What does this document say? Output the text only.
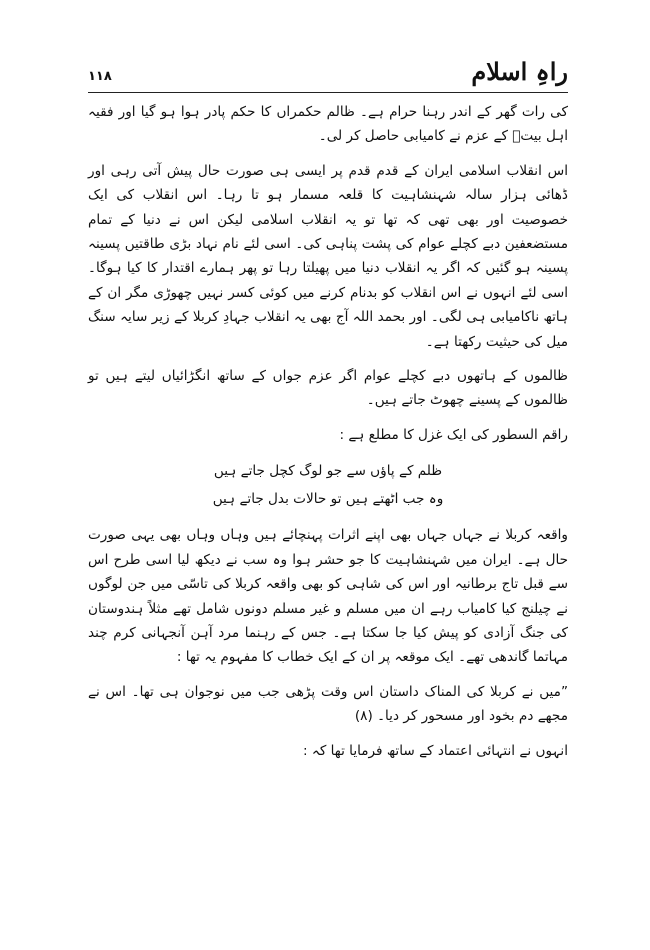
۱۱۸	راہِ اسلام

کی رات گھر کے اندر رہنا حرام ہے۔ ظالم حکمراں کا حکم پادر ہوا ہو گیا اور فقیہ اہل بیتؑ کے عزم نے کامیابی حاصل کر لی۔

اس انقلاب اسلامی ایران کے قدم قدم پر ایسی ہی صورت حال پیش آتی رہی اور ڈھائی ہزار سالہ شہنشاہیت کا قلعہ مسمار ہو تا رہا۔ اس انقلاب کی ایک خصوصیت اور بھی تھی کہ تھا تو یہ انقلاب اسلامی لیکن اس نے دنیا کے تمام مستضعفین دبے کچلے عوام کی پشت پناہی کی۔ اسی لئے نام نہاد بڑی طاقتیں پسینہ پسینہ ہو گئیں کہ اگر یہ انقلاب دنیا میں پھیلتا رہا تو پھر ہمارے اقتدار کا کیا ہوگا۔ اسی لئے انہوں نے اس انقلاب کو بدنام کرنے میں کوئی کسر نہیں چھوڑی مگر ان کے ہاتھ ناکامیابی ہی لگی۔ اور بحمد اللہ آج بھی یہ انقلاب جہادِ کربلا کے زیر سایہ سنگ میل کی حیثیت رکھتا ہے۔

ظالموں کے ہاتھوں دبے کچلے عوام اگر عزم جواں کے ساتھ انگڑائیاں لیتے ہیں تو ظالموں کے پسینے چھوٹ جاتے ہیں۔

راقم السطور کی ایک غزل کا مطلع ہے :

ظلم کے پاؤں سے جو لوگ کچل جاتے ہیں
وہ جب اٹھتے ہیں تو حالات بدل جاتے ہیں

واقعہ کربلا نے جہاں جہاں بھی اپنے اثرات پہنچائے ہیں وہاں وہاں بھی یہی صورت حال ہے۔ ایران میں شہنشاہیت کا جو حشر ہوا وہ سب نے دیکھ لیا اسی طرح اس سے قبل تاج برطانیہ اور اس کی شاہی کو بھی واقعہ کربلا کی تاسّی میں جن لوگوں نے چیلنج کیا کامیاب رہے ان میں مسلم و غیر مسلم دونوں شامل تھے مثلاً ہندوستان کی جنگ آزادی کو پیش کیا جا سکتا ہے۔ جس کے رہنما مرد آہن آنجہانی کرم چند مہاتما گاندھی تھے۔ ایک موقعہ پر ان کے ایک خطاب کا مفہوم یہ تھا :

”میں نے کربلا کی المناک داستان اس وقت پڑھی جب میں نوجوان ہی تھا۔ اس نے مجھے دم بخود اور مسحور کر دیا۔ (۸)

انہوں نے انتہائی اعتماد کے ساتھ فرمایا تھا کہ :
